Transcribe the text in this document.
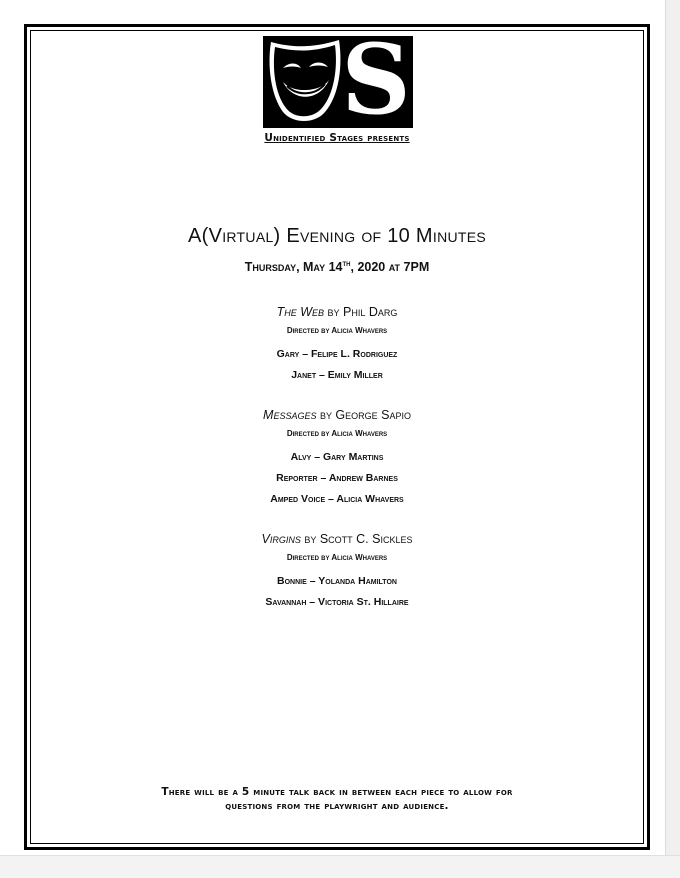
S
Unidentified Stages presents
A(Virtual) Evening of 10 Minutes
Thursday, May 14th, 2020 at 7PM
The Web by Phil Darg
Directed by Alicia Whavers
Gary – Felipe L. Rodriguez
Janet – Emily Miller
Messages by George Sapio
Directed by Alicia Whavers
Alvy – Gary Martins
Reporter – Andrew Barnes
Amped Voice – Alicia Whavers
Virgins by Scott C. Sickles
Directed by Alicia Whavers
Bonnie – Yolanda Hamilton
Savannah – Victoria St. Hillaire
There will be a 5 minute talk back in between each piece to allow for
questions from the playwright and audience.
